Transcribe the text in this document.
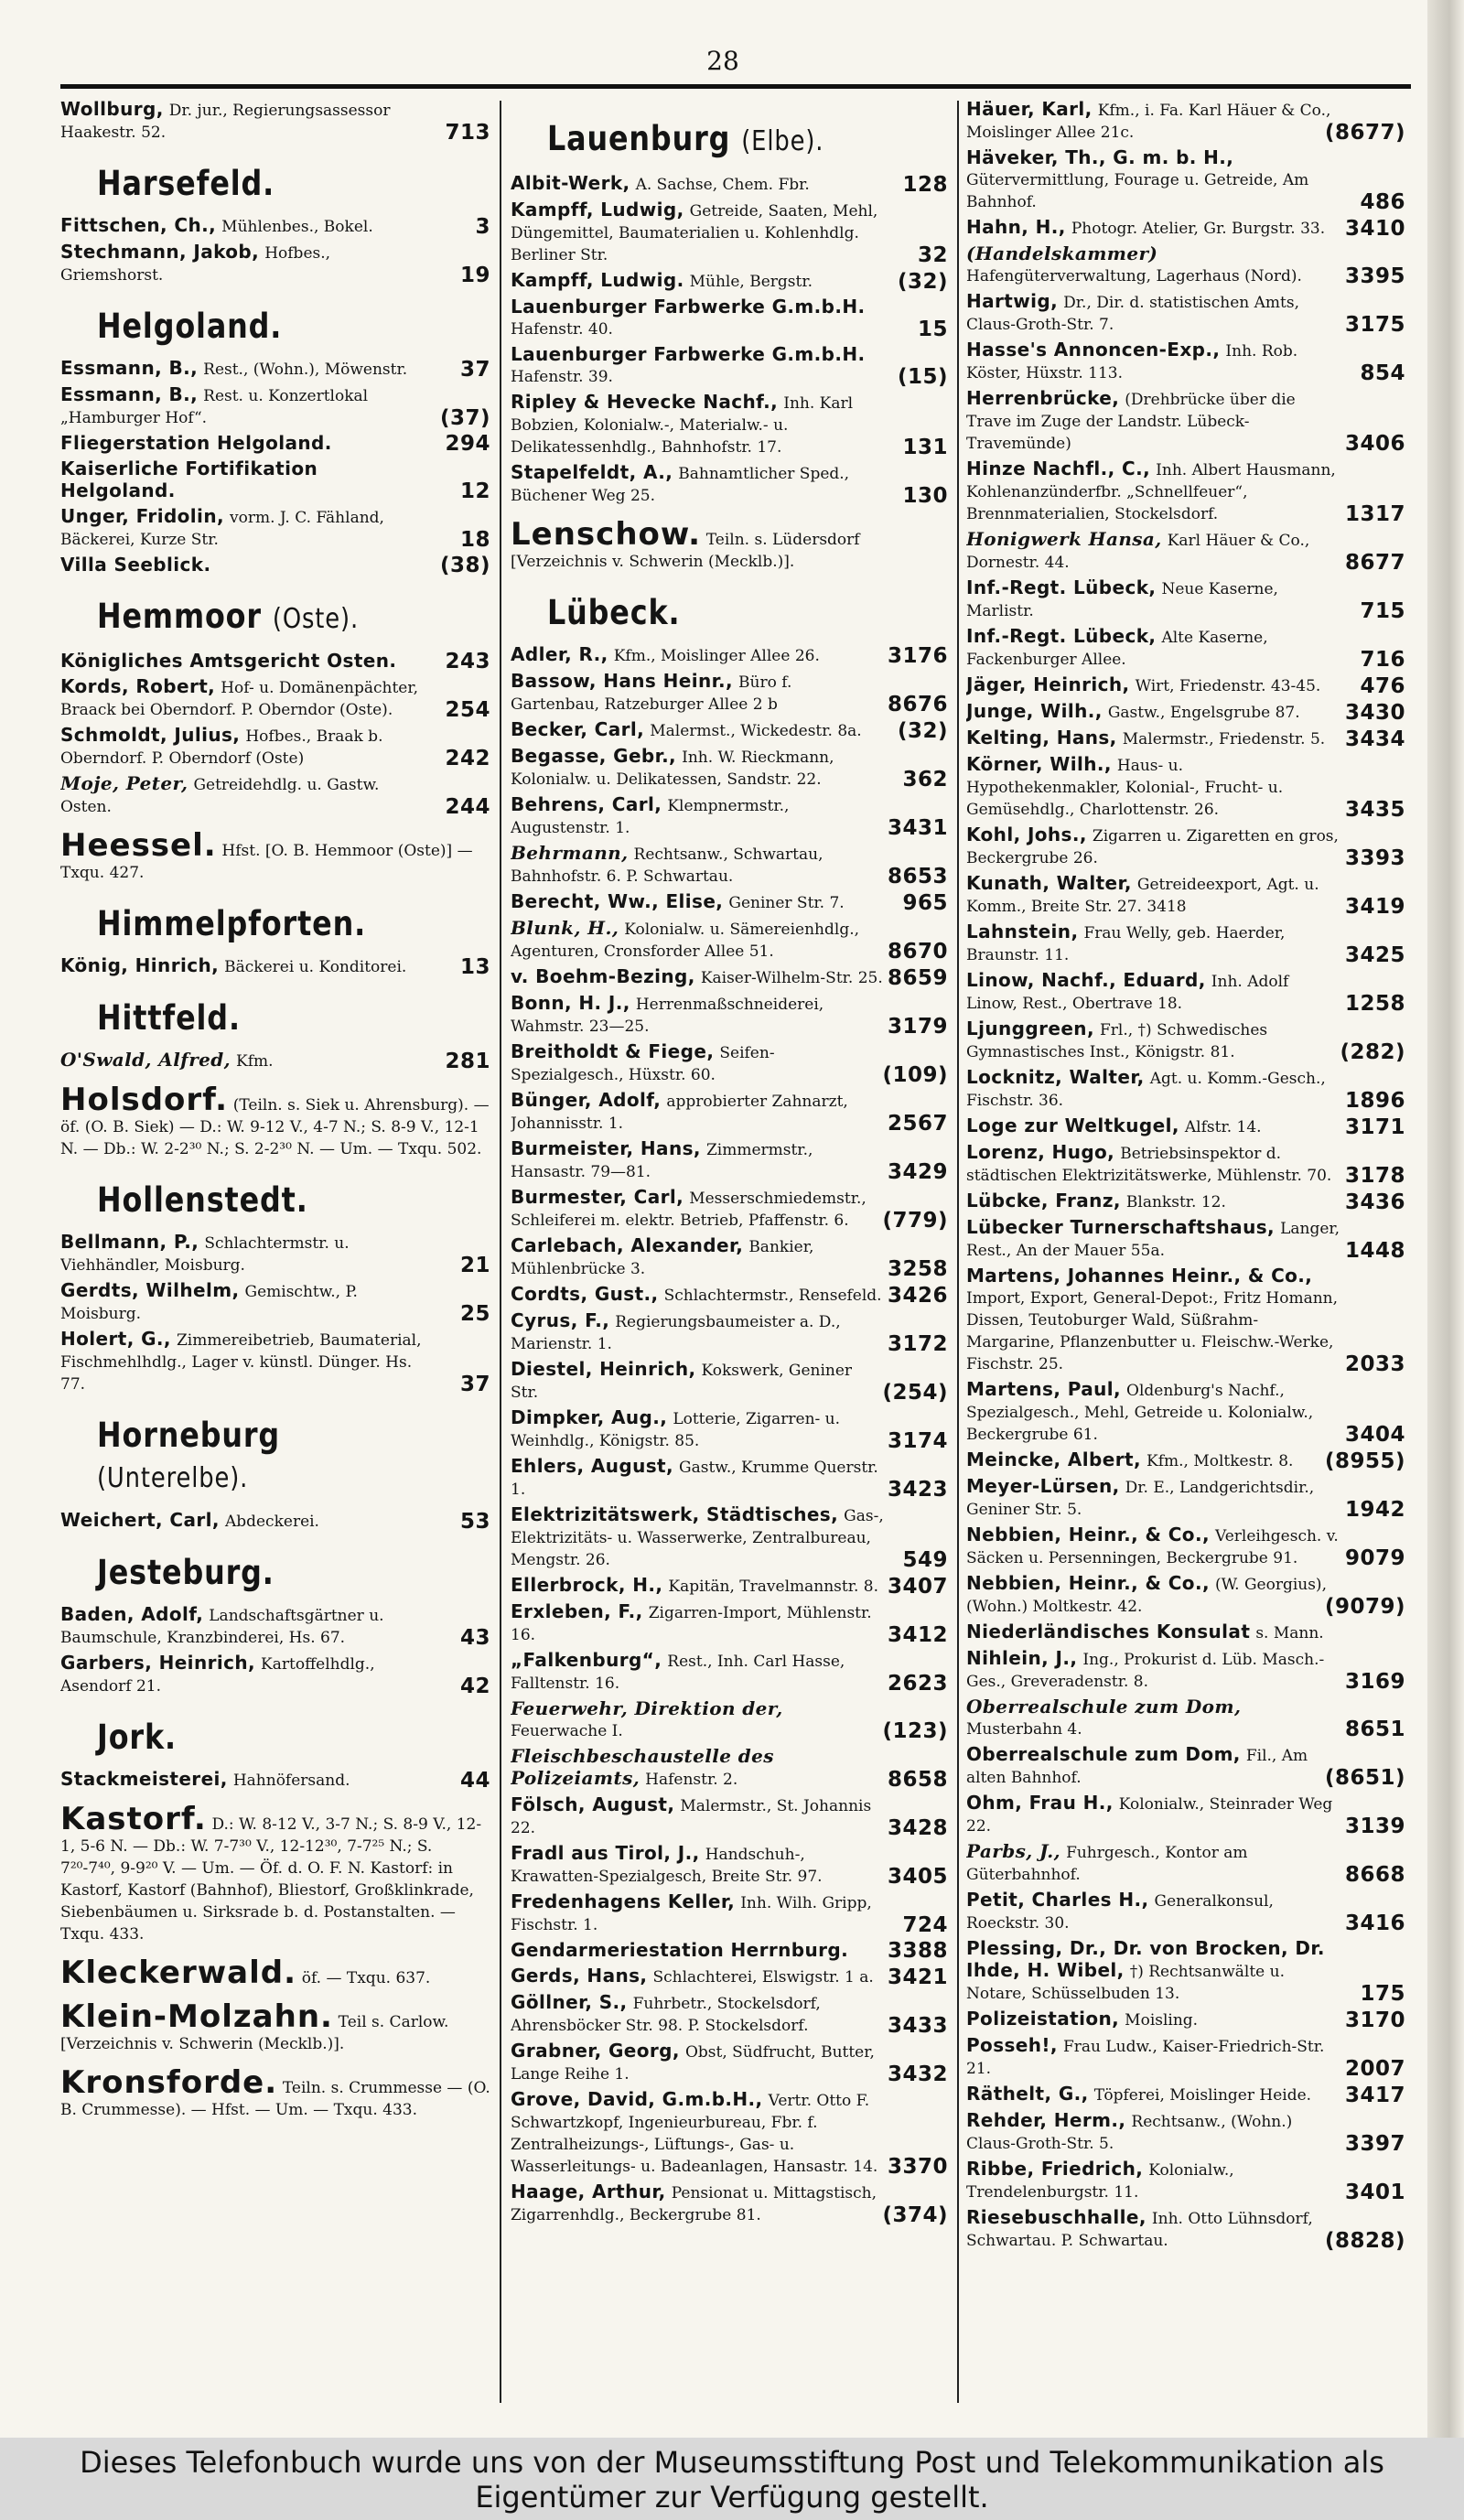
28
Wollburg, Dr. jur., Regierungsassessor Haakestr. 52.	713
Harsefeld.
Fittschen, Ch., Mühlenbes., Bokel.	3
Stechmann, Jakob, Hofbes., Griemshorst.	19
Helgoland.
Essmann, B., Rest., (Wohn.), Möwenstr.	37
Essmann, B., Rest. u. Konzertlokal „Hamburger Hof“.	(37)
Fliegerstation Helgoland.	294
Kaiserliche Fortifikation Helgoland.	12
Unger, Fridolin, vorm. J. C. Fähland, Bäckerei, Kurze Str.	18
Villa Seeblick.	(38)
Hemmoor (Oste).
Königliches Amtsgericht Osten. 243
Kords, Robert, Hof- u. Domänenpächter, Braack bei Oberndorf. P. Oberndor (Oste). 254
Schmoldt, Julius, Hofbes., Braak b. Oberndorf. P. Oberndorf (Oste)	242
Moje, Peter, Getreidehdlg. u. Gastw. Osten.	244
Heessel. Hfst. [O. B. Hemmoor (Oste)] — Txqu. 427.
Himmelpforten.
König, Hinrich, Bäckerei u. Konditorei.	13
Hittfeld.
O'Swald, Alfred, Kfm.	281
Holsdorf. (Teiln. s. Siek u. Ahrensburg). — öf. (O. B. Siek) — D.: W. 9-12 V., 4-7 N.; S. 8-9 V., 12-1 N. — Db.: W. 2-2³⁰ N.; S. 2-2³⁰ N. — Um. — Txqu. 502.
Hollenstedt.
Bellmann, P., Schlachtermstr. u. Viehhändler, Moisburg.	21
Gerdts, Wilhelm, Gemischtw., P. Moisburg.	25
Holert, G., Zimmereibetrieb, Baumaterial, Fischmehlhdlg., Lager v. künstl. Dünger. Hs. 77.	37
Horneburg (Unterelbe).
Weichert, Carl, Abdeckerei.	53
Jesteburg.
Baden, Adolf, Landschaftsgärtner u. Baumschule, Kranzbinderei, Hs. 67.	43
Garbers, Heinrich, Kartoffelhdlg., Asendorf 21.	42
Jork.
Stackmeisterei, Hahnöfersand.	44
Kastorf. D.: W. 8-12 V., 3-7 N.; S. 8-9 V., 12-1, 5-6 N. — Db.: W. 7-7³⁰ V., 12-12³⁰, 7-7²⁵ N.; S. 7²⁰-7⁴⁰, 9-9²⁰ V. — Um. — Öf. d. O. F. N. Kastorf: in Kastorf, Kastorf (Bahnhof), Bliestorf, Großklinkrade, Siebenbäumen u. Sirksrade b. d. Postanstalten. — Txqu. 433.
Kleckerwald. öf. — Txqu. 637.
Klein-Molzahn. Teil s. Carlow. [Verzeichnis v. Schwerin (Mecklb.)].
Kronsforde. Teiln. s. Crummesse — (O. B. Crummesse). — Hfst. — Um. — Txqu. 433.
Lauenburg (Elbe).
Albit-Werk, A. Sachse, Chem. Fbr.	128
Kampff, Ludwig, Getreide, Saaten, Mehl, Düngemittel, Baumaterialien u. Kohlenhdlg. Berliner Str.	32
Kampff, Ludwig. Mühle, Bergstr.	(32)
Lauenburger Farbwerke G.m.b.H. Hafenstr. 40.	15
Lauenburger Farbwerke G.m.b.H. Hafenstr. 39.	(15)
Ripley & Hevecke Nachf., Inh. Karl Bobzien, Kolonialw.-, Materialw.- u. Delikatessenhdlg., Bahnhofstr. 17.	131
Stapelfeldt, A., Bahnamtlicher Sped., Büchener Weg 25.	130
Lenschow. Teiln. s. Lüdersdorf [Verzeichnis v. Schwerin (Mecklb.)].
Lübeck.
Adler, R., Kfm., Moislinger Allee 26.	3176
Bassow, Hans Heinr., Büro f. Gartenbau, Ratzeburger Allee 2 b	8676
Becker, Carl, Malermst., Wickedestr. 8a. (32)
Begasse, Gebr., Inh. W. Rieckmann, Kolonialw. u. Delikatessen, Sandstr. 22.	362
Behrens, Carl, Klempnermstr., Augustenstr. 1.	3431
Behrmann, Rechtsanw., Schwartau, Bahnhofstr. 6. P. Schwartau.	8653
Berecht, Ww., Elise, Geniner Str. 7.	965
Blunk, H., Kolonialw. u. Sämereienhdlg., Agenturen, Cronsforder Allee 51.	8670
v. Boehm-Bezing, Kaiser-Wilhelm-Str. 25. 8659
Bonn, H. J., Herrenmaßschneiderei, Wahmstr. 23—25.	3179
Breitholdt & Fiege, Seifen-Spezialgesch., Hüxstr. 60.	(109)
Bünger, Adolf, approbierter Zahnarzt, Johannisstr. 1.	2567
Burmeister, Hans, Zimmermstr., Hansastr. 79—81.	3429
Burmester, Carl, Messerschmiedemstr., Schleiferei m. elektr. Betrieb, Pfaffenstr. 6. (779)
Carlebach, Alexander, Bankier, Mühlenbrücke 3.	3258
Cordts, Gust., Schlachtermstr., Rensefeld. 3426
Cyrus, F., Regierungsbaumeister a. D., Marienstr. 1.	3172
Diestel, Heinrich, Kokswerk, Geniner Str.	(254)
Dimpker, Aug., Lotterie, Zigarren- u. Weinhdlg., Königstr. 85.	3174
Ehlers, August, Gastw., Krumme Querstr. 1.	3423
Elektrizitätswerk, Städtisches, Gas-, Elektrizitäts- u. Wasserwerke, Zentralbureau, Mengstr. 26.	549
Ellerbrock, H., Kapitän, Travelmannstr. 8. 3407
Erxleben, F., Zigarren-Import, Mühlenstr. 16.	3412
„Falkenburg“, Rest., Inh. Carl Hasse, Falltenstr. 16.	2623
Feuerwehr, Direktion der, Feuerwache I.	(123)
Fleischbeschaustelle des Polizeiamts, Hafenstr. 2.	8658
Fölsch, August, Malermstr., St. Johannis 22.	3428
Fradl aus Tirol, J., Handschuh-, Krawatten-Spezialgesch, Breite Str. 97.	3405
Fredenhagens Keller, Inh. Wilh. Gripp, Fischstr. 1.	724
Gendarmeriestation Herrnburg. 3388
Gerds, Hans, Schlachterei, Elswigstr. 1 a. 3421
Göllner, S., Fuhrbetr., Stockelsdorf, Ahrensböcker Str. 98. P. Stockelsdorf.	3433
Grabner, Georg, Obst, Südfrucht, Butter, Lange Reihe 1.	3432
Grove, David, G.m.b.H., Vertr. Otto F. Schwartzkopf, Ingenieurbureau, Fbr. f. Zentralheizungs-, Lüftungs-, Gas- u. Wasserleitungs- u. Badeanlagen, Hansastr. 14. 3370
Haage, Arthur, Pensionat u. Mittagstisch, Zigarrenhdlg., Beckergrube 81.	(374)
Häuer, Karl, Kfm., i. Fa. Karl Häuer & Co., Moislinger Allee 21c.	(8677)
Häveker, Th., G. m. b. H., Gütervermittlung, Fourage u. Getreide, Am Bahnhof.	486
Hahn, H., Photogr. Atelier, Gr. Burgstr. 33. 3410
(Handelskammer) Hafengüterverwaltung, Lagerhaus (Nord). 3395
Hartwig, Dr., Dir. d. statistischen Amts, Claus-Groth-Str. 7.	3175
Hasse's Annoncen-Exp., Inh. Rob. Köster, Hüxstr. 113.	854
Herrenbrücke, (Drehbrücke über die Trave im Zuge der Landstr. Lübeck-Travemünde)	3406
Hinze Nachfl., C., Inh. Albert Hausmann, Kohlenanzünderfbr. „Schnellfeuer“, Brennmaterialien, Stockelsdorf.	1317
Honigwerk Hansa, Karl Häuer & Co., Dornestr. 44.	8677
Inf.-Regt. Lübeck, Neue Kaserne, Marlistr.	715
Inf.-Regt. Lübeck, Alte Kaserne, Fackenburger Allee.	716
Jäger, Heinrich, Wirt, Friedenstr. 43-45. 476
Junge, Wilh., Gastw., Engelsgrube 87. 3430
Kelting, Hans, Malermstr., Friedenstr. 5. 3434
Körner, Wilh., Haus- u. Hypothekenmakler, Kolonial-, Frucht- u. Gemüsehdlg., Charlottenstr. 26.	3435
Kohl, Johs., Zigarren u. Zigaretten en gros, Beckergrube 26.	3393
Kunath, Walter, Getreideexport, Agt. u. Komm., Breite Str. 27. 3418	3419
Lahnstein, Frau Welly, geb. Haerder, Braunstr. 11.	3425
Linow, Nachf., Eduard, Inh. Adolf Linow, Rest., Obertrave 18.	1258
Ljunggreen, Frl., †) Schwedisches Gymnastisches Inst., Königstr. 81.	(282)
Locknitz, Walter, Agt. u. Komm.-Gesch., Fischstr. 36.	1896
Loge zur Weltkugel, Alfstr. 14.	3171
Lorenz, Hugo, Betriebsinspektor d. städtischen Elektrizitätswerke, Mühlenstr. 70. 3178
Lübcke, Franz, Blankstr. 12.	3436
Lübecker Turnerschaftshaus, Langer, Rest., An der Mauer 55a.	1448
Martens, Johannes Heinr., & Co., Import, Export, General-Depot:, Fritz Homann, Dissen, Teutoburger Wald, Süßrahm-Margarine, Pflanzenbutter u. Fleischw.-Werke, Fischstr. 25.	2033
Martens, Paul, Oldenburg's Nachf., Spezialgesch., Mehl, Getreide u. Kolonialw., Beckergrube 61.	3404
Meincke, Albert, Kfm., Moltkestr. 8. (8955)
Meyer-Lürsen, Dr. E., Landgerichtsdir., Geniner Str. 5.	1942
Nebbien, Heinr., & Co., Verleihgesch. v. Säcken u. Persenningen, Beckergrube 91. 9079
Nebbien, Heinr., & Co., (W. Georgius), (Wohn.) Moltkestr. 42.	(9079)
Niederländisches Konsulat s. Mann.
Nihlein, J., Ing., Prokurist d. Lüb. Masch.-Ges., Greveradenstr. 8.	3169
Oberrealschule zum Dom, Musterbahn 4.	8651
Oberrealschule zum Dom, Fil., Am alten Bahnhof.	(8651)
Ohm, Frau H., Kolonialw., Steinrader Weg 22.	3139
Parbs, J., Fuhrgesch., Kontor am Güterbahnhof.	8668
Petit, Charles H., Generalkonsul, Roeckstr. 30.	3416
Plessing, Dr., Dr. von Brocken, Dr. Ihde, H. Wibel, †) Rechtsanwälte u. Notare, Schüsselbuden 13.	175
Polizeistation, Moisling.	3170
Posseh!, Frau Ludw., Kaiser-Friedrich-Str. 21.	2007
Räthelt, G., Töpferei, Moislinger Heide. 3417
Rehder, Herm., Rechtsanw., (Wohn.) Claus-Groth-Str. 5.	3397
Ribbe, Friedrich, Kolonialw., Trendelenburgstr. 11.	3401
Riesebuschhalle, Inh. Otto Lühnsdorf, Schwartau. P. Schwartau.	(8828)
Dieses Telefonbuch wurde uns von der Museumsstiftung Post und Telekommunikation als Eigentümer zur Verfügung gestellt.
